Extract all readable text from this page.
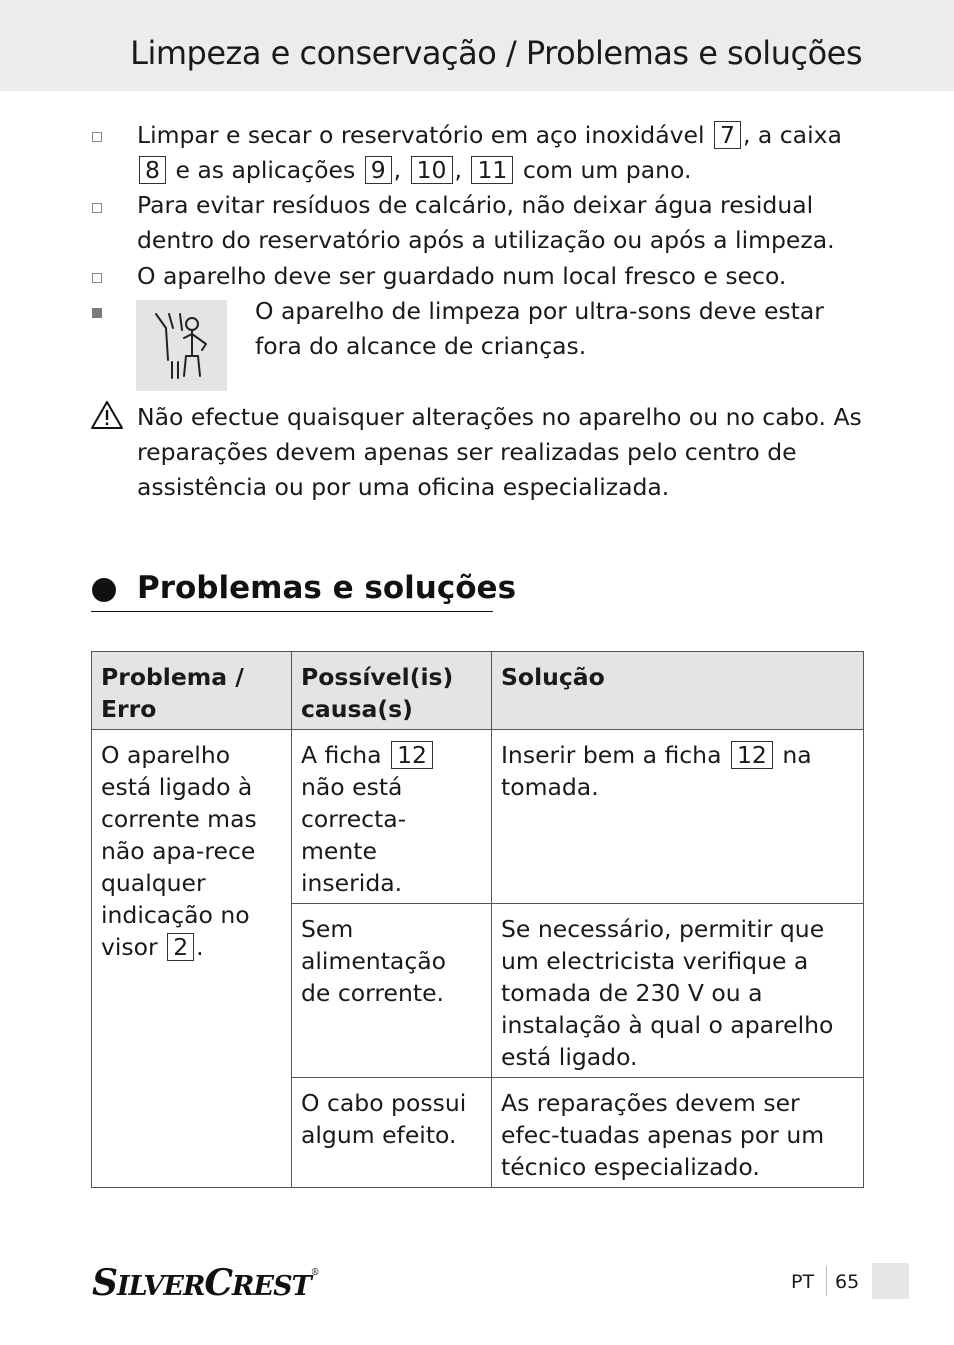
Limpeza e conservação / Problemas e soluções
Limpar e secar o reservatório em aço inoxidável 7 , a caixa 8 e as aplicações 9 , 10 , 11 com um pano.
Para evitar resíduos de calcário, não deixar água residual dentro do reservatório após a utilização ou após a limpeza.
O aparelho deve ser guardado num local fresco e seco.
O aparelho de limpeza por ultra-sons deve estar fora do alcance de crianças.
Não efectue quaisquer alterações no aparelho ou no cabo. As reparações devem apenas ser realizadas pelo centro de assistência ou por uma oficina especializada.
Problemas e soluções
Problema / Erro	Possível(is) causa(s)	Solução
O aparelho está ligado à corrente mas não apa-rece qualquer indicação no visor 2 .	A ficha 12 não está correcta-mente inserida.	Inserir bem a ficha 12 na tomada.
	Sem alimentação de corrente.	Se necessário, permitir que um electricista verifique a tomada de 230 V ou a instalação à qual o aparelho está ligado.
	O cabo possui algum efeito.	As reparações devem ser efec-tuadas apenas por um técnico especializado.
SILVERCREST®	PT 65
